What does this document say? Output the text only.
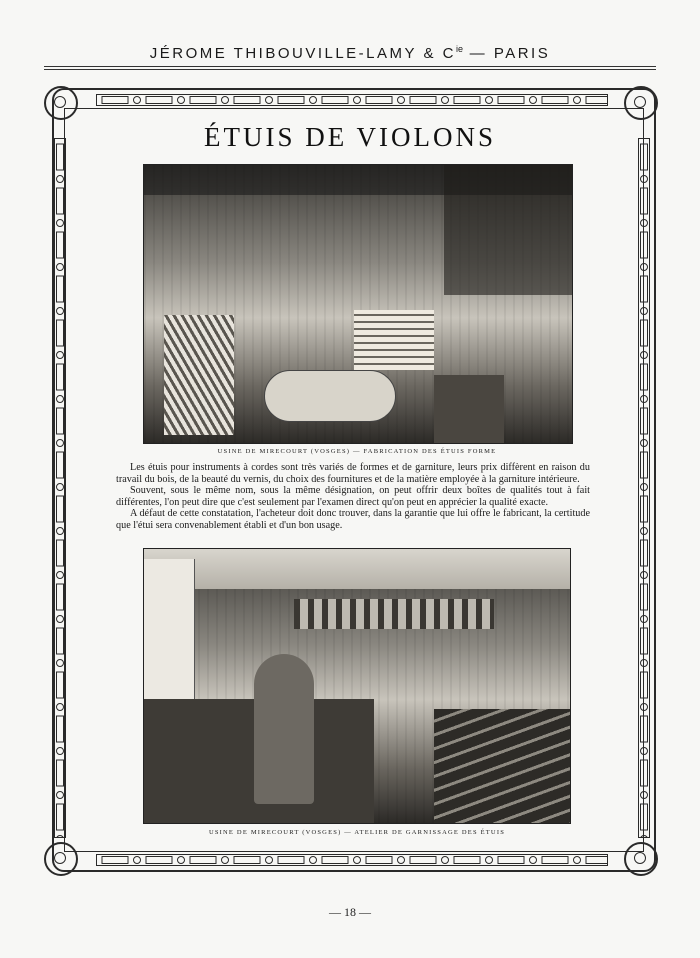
JÉROME THIBOUVILLE-LAMY & $C^{ie}$ — PARIS
ÉTUIS DE VIOLONS
USINE DE MIRECOURT (VOSGES) — FABRICATION DES ÉTUIS FORME

Les étuis pour instruments à cordes sont très variés de formes et de garniture, leurs prix diffèrent en raison du travail du bois, de la beauté du vernis, du choix des fournitures et de la matière employée à la garniture intérieure.

Souvent, sous le même nom, sous la même désignation, on peut offrir deux boîtes de qualités tout à fait différentes, l'on peut dire que c'est seulement par l'examen direct qu'on peut en apprécier la qualité exacte.

A défaut de cette constatation, l'acheteur doit donc trouver, dans la garantie que lui offre le fabricant, la certitude que l'étui sera convenablement établi et d'un bon usage.

USINE DE MIRECOURT (VOSGES) — ATELIER DE GARNISSAGE DES ÉTUIS
— 18 —
